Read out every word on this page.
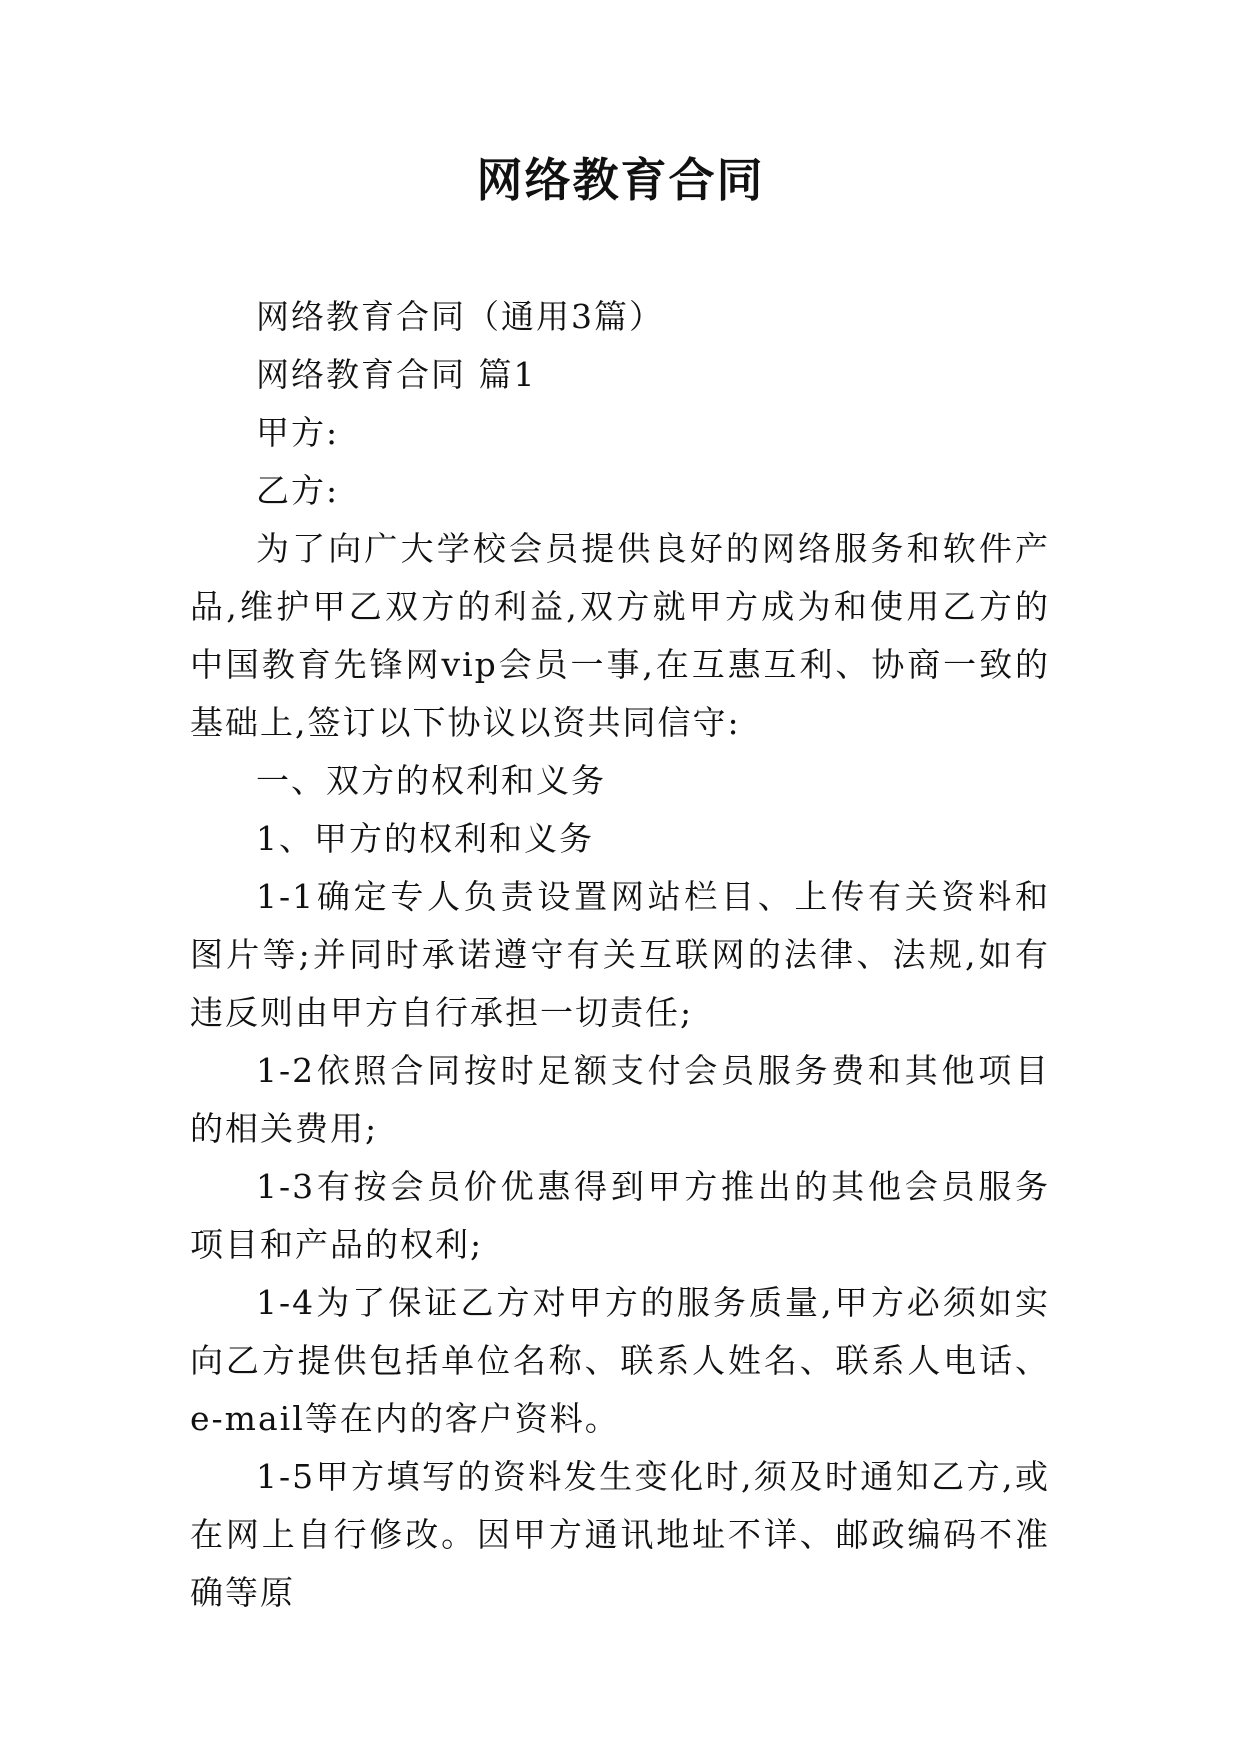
网络教育合同

网络教育合同（通用3篇）

网络教育合同 篇1

甲方:

乙方:

为了向广大学校会员提供良好的网络服务和软件产品,维护甲乙双方的利益,双方就甲方成为和使用乙方的中国教育先锋网vip会员一事,在互惠互利、协商一致的基础上,签订以下协议以资共同信守:

一、双方的权利和义务

1、甲方的权利和义务

1-1确定专人负责设置网站栏目、上传有关资料和图片等;并同时承诺遵守有关互联网的法律、法规,如有违反则由甲方自行承担一切责任;

1-2依照合同按时足额支付会员服务费和其他项目的相关费用;

1-3有按会员价优惠得到甲方推出的其他会员服务项目和产品的权利;

1-4为了保证乙方对甲方的服务质量,甲方必须如实向乙方提供包括单位名称、联系人姓名、联系人电话、e-mail等在内的客户资料。

1-5甲方填写的资料发生变化时,须及时通知乙方,或在网上自行修改。因甲方通讯地址不详、邮政编码不准确等原
